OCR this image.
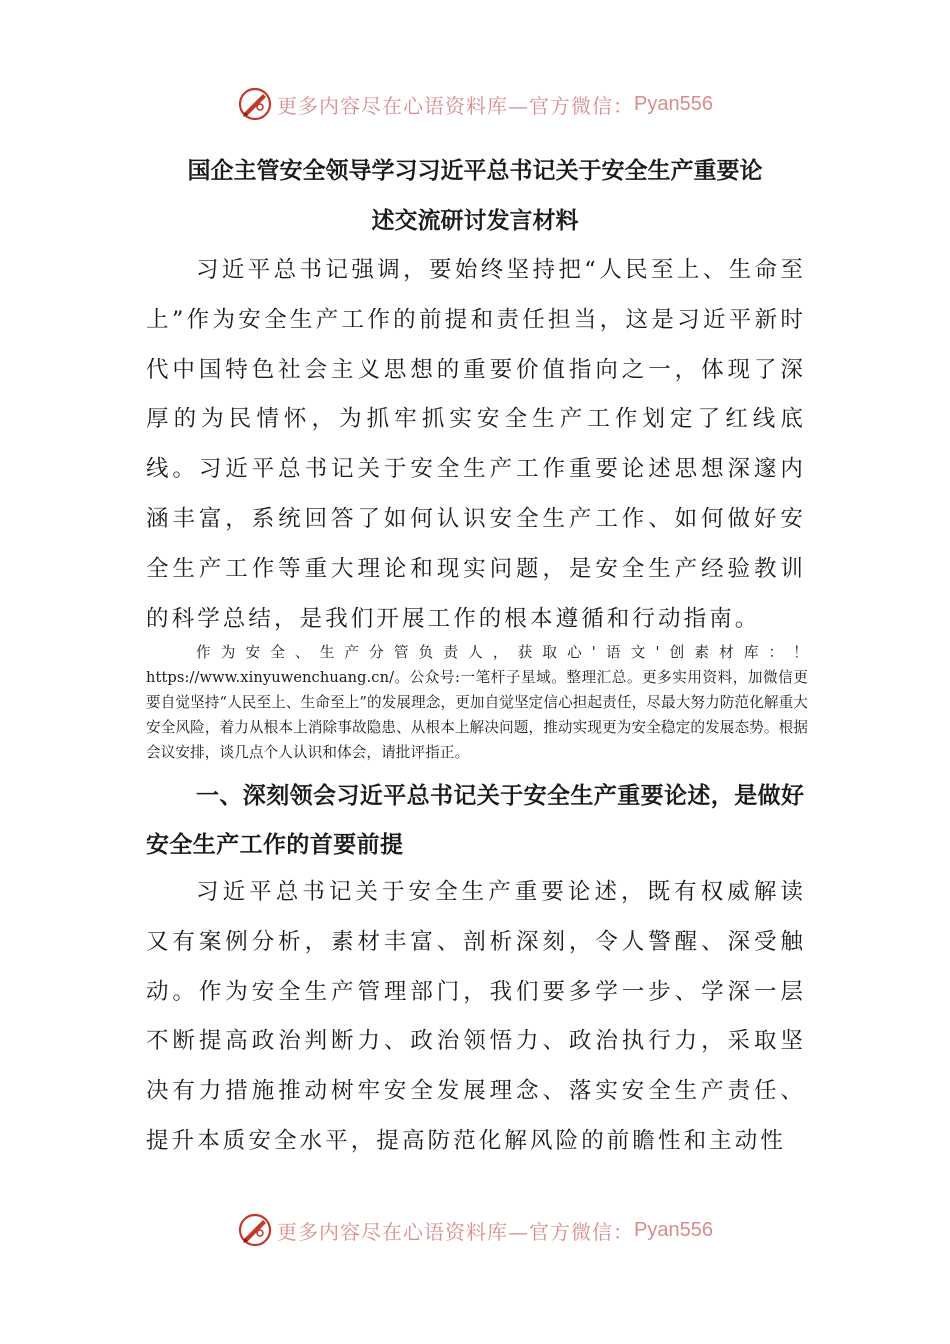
更多内容尽在心语资料库—官方微信： Pyan556
国企主管安全领导学习习近平总书记关于安全生产重要论
述交流研讨发言材料

习近平总书记强调，要始终坚持把“人民至上、生命至上”作为安全生产工作的前提和责任担当，这是习近平新时代中国特色社会主义思想的重要价值指向之一，体现了深厚的为民情怀，为抓牢抓实安全生产工作划定了红线底线。习近平总书记关于安全生产工作重要论述思想深邃内涵丰富，系统回答了如何认识安全生产工作、如何做好安全生产工作等重大理论和现实问题，是安全生产经验教训的科学总结，是我们开展工作的根本遵循和行动指南。

作为安全、生产分管负责人，获取心'语文'创素材库：！https://www.xinyuwenchuang.cn/。公众号:一笔杆子星域。整理汇总。更多实用资料，加微信更要自觉坚持“人民至上、生命至上”的发展理念，更加自觉坚定信心担起责任，尽最大努力防范化解重大安全风险，着力从根本上消除事故隐患、从根本上解决问题，推动实现更为安全稳定的发展态势。根据会议安排，谈几点个人认识和体会，请批评指正。

一、深刻领会习近平总书记关于安全生产重要论述，是做好安全生产工作的首要前提

习近平总书记关于安全生产重要论述，既有权威解读又有案例分析，素材丰富、剖析深刻，令人警醒、深受触动。作为安全生产管理部门，我们要多学一步、学深一层不断提高政治判断力、政治领悟力、政治执行力，采取坚决有力措施推动树牢安全发展理念、落实安全生产责任、提升本质安全水平，提高防范化解风险的前瞻性和主动性

更多内容尽在心语资料库—官方微信： Pyan556
